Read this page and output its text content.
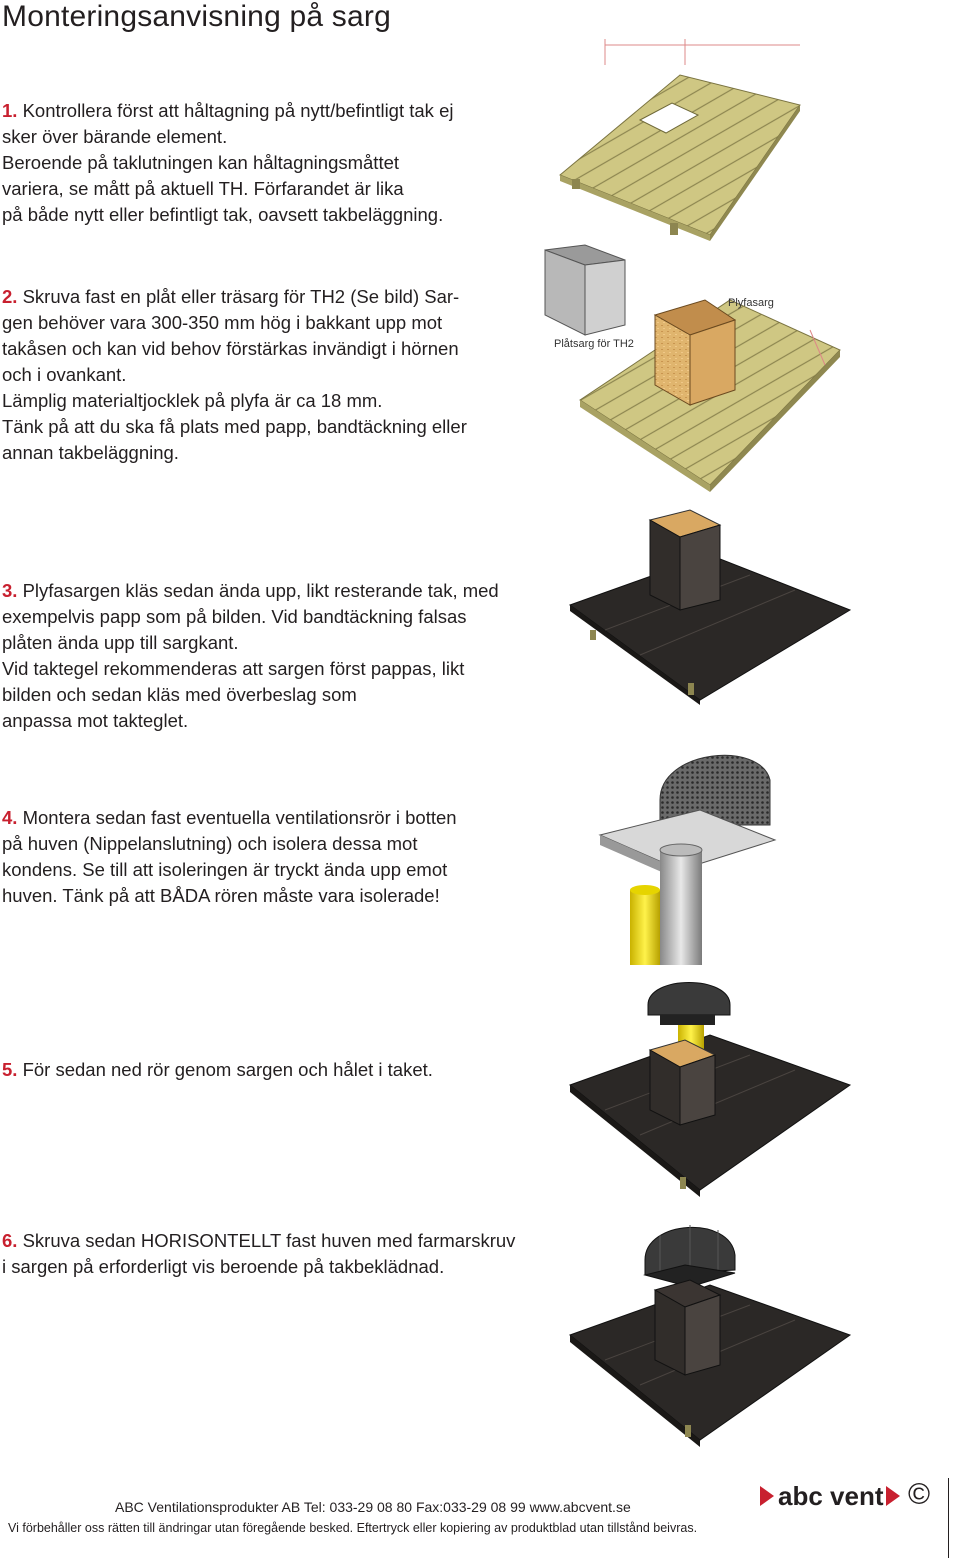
Monteringsanvisning på sarg

1. Kontrollera först att håltagning på nytt/befintligt tak ej

sker över bärande element.

Beroende på taklutningen kan håltagningsmåttet

variera, se mått på aktuell TH. Förfarandet är lika

på både nytt eller befintligt tak, oavsett takbeläggning.

2. Skruva fast en plåt eller träsarg för TH2 (Se bild) Sar-

gen behöver vara 300-350 mm hög i bakkant upp mot

takåsen och kan vid behov förstärkas invändigt i hörnen

och i ovankant.

Lämplig materialtjocklek på plyfa är ca 18 mm.

Tänk på att du ska få plats med papp, bandtäckning eller

annan takbeläggning.

3. Plyfasargen kläs sedan ända upp, likt resterande tak, med

exempelvis papp som på bilden. Vid bandtäckning falsas

plåten ända upp till sargkant.

Vid taktegel rekommenderas att sargen först pappas, likt

bilden och sedan kläs med överbeslag som

anpassa mot takteglet.

4. Montera sedan fast eventuella ventilationsrör i botten

på huven (Nippelanslutning) och isolera dessa mot

kondens. Se till att isoleringen är tryckt ända upp emot

huven. Tänk på att BÅDA rören måste vara isolerade!

5. För sedan ned rör genom sargen och hålet i taket.

6. Skruva sedan HORISONTELLT fast huven med farmarskruv

i sargen på erforderligt vis beroende på takbeklädnad.

Plåtsarg för TH2
Plyfasarg
ABC Ventilationsprodukter AB Tel: 033-29 08 80 Fax:033-29 08 99 www.abcvent.se
Vi förbehåller oss rätten till ändringar utan föregående besked. Eftertryck eller kopiering av produktblad utan tillstånd beivras.
abc vent ©
